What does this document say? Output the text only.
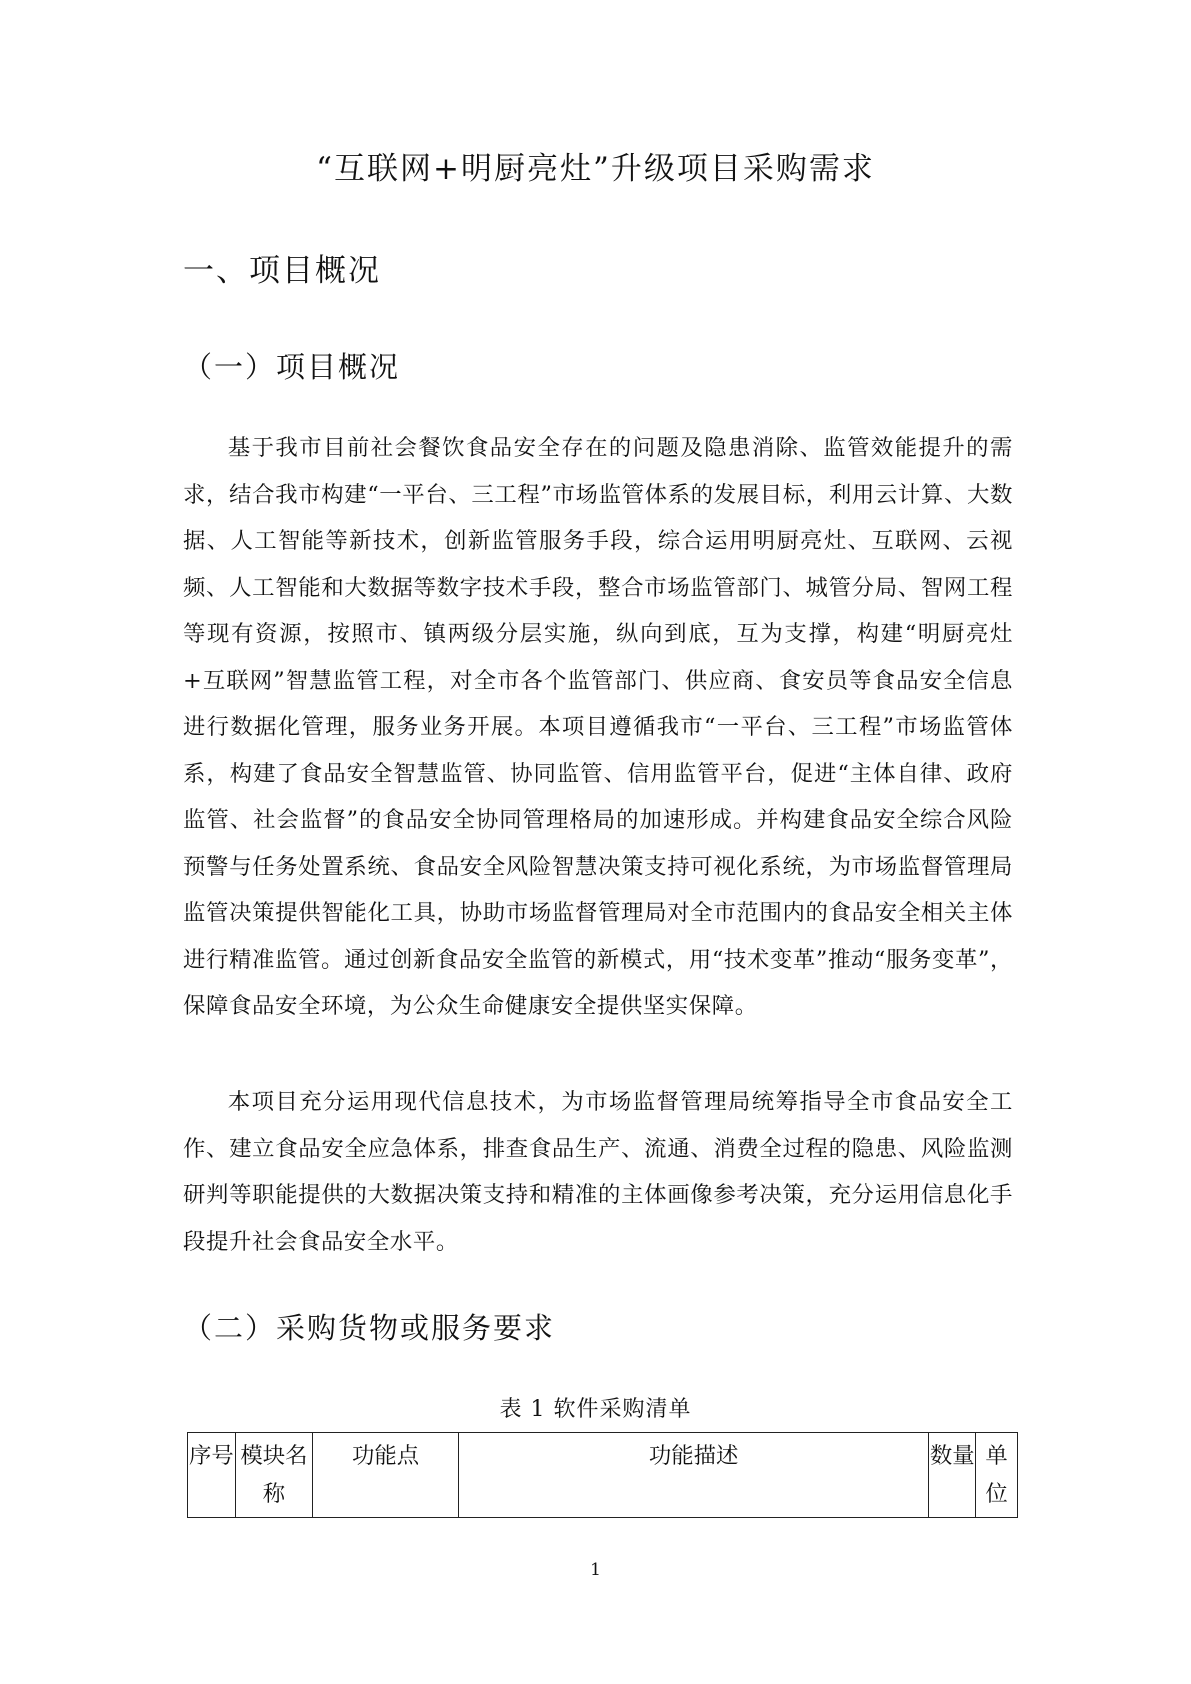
“互联网+明厨亮灶”升级项目采购需求
一、项目概况
（一）项目概况

基于我市目前社会餐饮食品安全存在的问题及隐患消除、监管效能提升的需求，结合我市构建“一平台、三工程”市场监管体系的发展目标，利用云计算、大数据、人工智能等新技术，创新监管服务手段，综合运用明厨亮灶、互联网、云视频、人工智能和大数据等数字技术手段，整合市场监管部门、城管分局、智网工程等现有资源，按照市、镇两级分层实施，纵向到底，互为支撑，构建“明厨亮灶+互联网”智慧监管工程，对全市各个监管部门、供应商、食安员等食品安全信息进行数据化管理，服务业务开展。本项目遵循我市“一平台、三工程”市场监管体系，构建了食品安全智慧监管、协同监管、信用监管平台，促进“主体自律、政府监管、社会监督”的食品安全协同管理格局的加速形成。并构建食品安全综合风险预警与任务处置系统、食品安全风险智慧决策支持可视化系统，为市场监督管理局监管决策提供智能化工具，协助市场监督管理局对全市范围内的食品安全相关主体进行精准监管。通过创新食品安全监管的新模式，用“技术变革”推动“服务变革”，保障食品安全环境，为公众生命健康安全提供坚实保障。

本项目充分运用现代信息技术，为市场监督管理局统筹指导全市食品安全工作、建立食品安全应急体系，排查食品生产、流通、消费全过程的隐患、风险监测研判等职能提供的大数据决策支持和精准的主体画像参考决策，充分运用信息化手段提升社会食品安全水平。

（二）采购货物或服务要求
表 1 软件采购清单
序号	模块名称	功能点	功能描述	数量	单位
1
